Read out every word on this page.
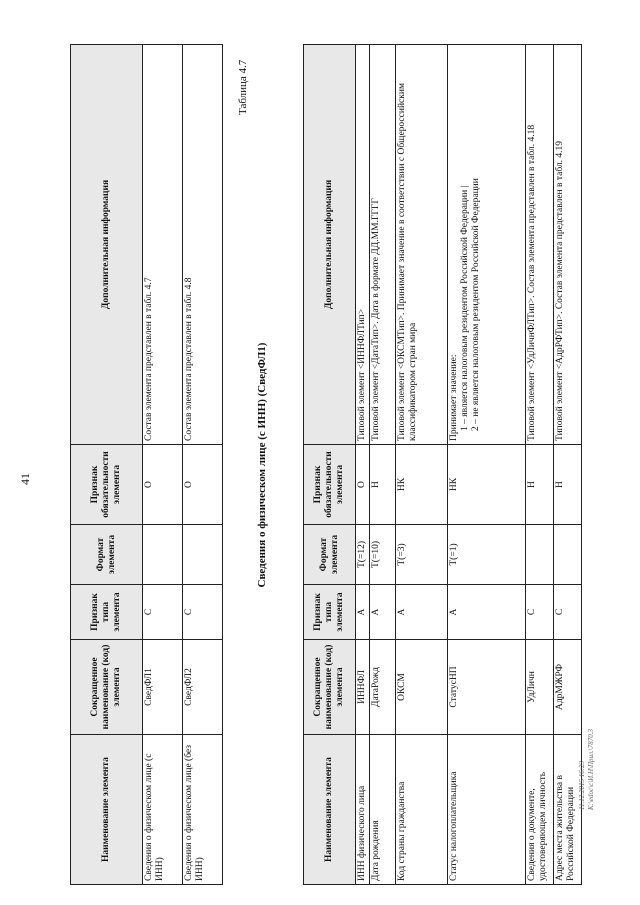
41
Наименование элемента	Сокращенное наименование (код) элемента	Признак типа элемента	Формат элемента	Признак обязательности элемента	Дополнительная информация
Сведения о физическом лице (с ИНН)	СведФЛ1	С		О	Состав элемента представлен в табл. 4.7
Сведения о физическом лице (без ИНН)	СведФЛ2	С		О	Состав элемента представлен в табл. 4.8
Таблица 4.7
Сведения о физическом лице (с ИНН) (СведФЛ1)
Наименование элемента	Сокращенное наименование (код) элемента	Признак типа элемента	Формат элемента	Признак обязательности элемента	Дополнительная информация
ИНН физического лица	ИННФЛ	А	T(=12)	О	Типовой элемент <ИННФЛТип>
Дата рождения	ДатаРожд	А	T(=10)	Н	Типовой элемент <ДатаТип>. Дата в формате ДД.ММ.ГГГГ
Код страны гражданства	ОКСМ	А	T(=3)	НК	Типовой элемент <ОКСМТип>. Принимает значение в соответствии с Общероссийским классификатором стран мира
Статус налогоплательщика	СтатусНП	А	T(=1)	НК	Принимает значение: 1 – является налоговым резидентом Российской Федерации | 2 – не является налоговым резидентом Российской Федерации

Сведения о документе, удостоверяющем личность	УдЛичн	С		Н	Типовой элемент <УдЛичнФЛТип>. Состав элемента представлен в табл. 4.18
Адрес места жительства в Российской Федерации	АдрМЖРФ	С		Н	Типовой элемент <АдрРФТип>. Состав элемента представлен в табл. 4.19
11.12.2015 16:23 К:\edoc\c\И.Н\Прил.\7870.3
